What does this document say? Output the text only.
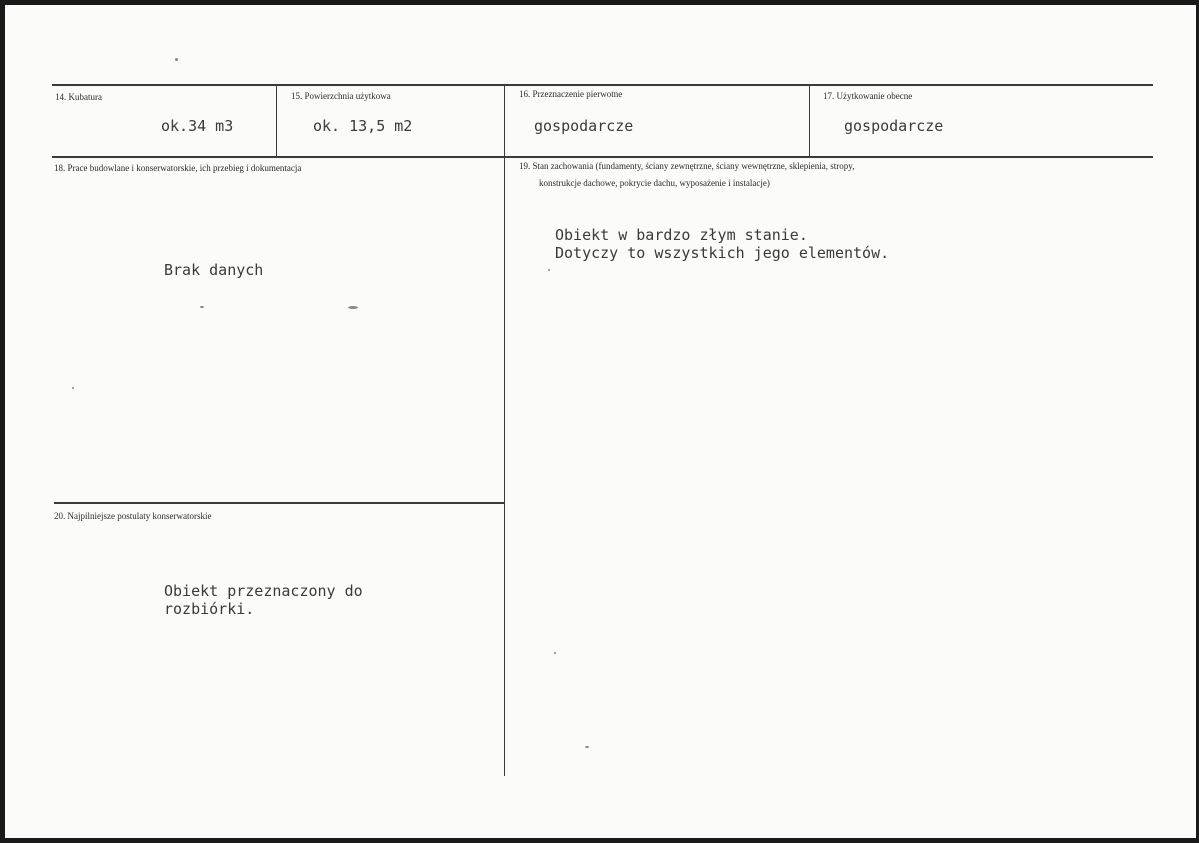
14. Kubatura
ok.34 m3
15. Powierzchnia użytkowa
ok. 13,5 m2
16. Przeznaczenie pierwotne
gospodarcze
17. Użytkowanie obecne
gospodarcze
18. Prace budowlane i konserwatorskie, ich przebieg i dokumentacja
Brak danych
19. Stan zachowania (fundamenty, ściany zewnętrzne, ściany wewnętrzne, sklepienia, stropy,
konstrukcje dachowe, pokrycie dachu, wyposażenie i instalacje)
Obiekt w bardzo złym stanie.
Dotyczy to wszystkich jego elementów.
20. Najpilniejsze postulaty konserwatorskie
Obiekt przeznaczony do
rozbiórki.
